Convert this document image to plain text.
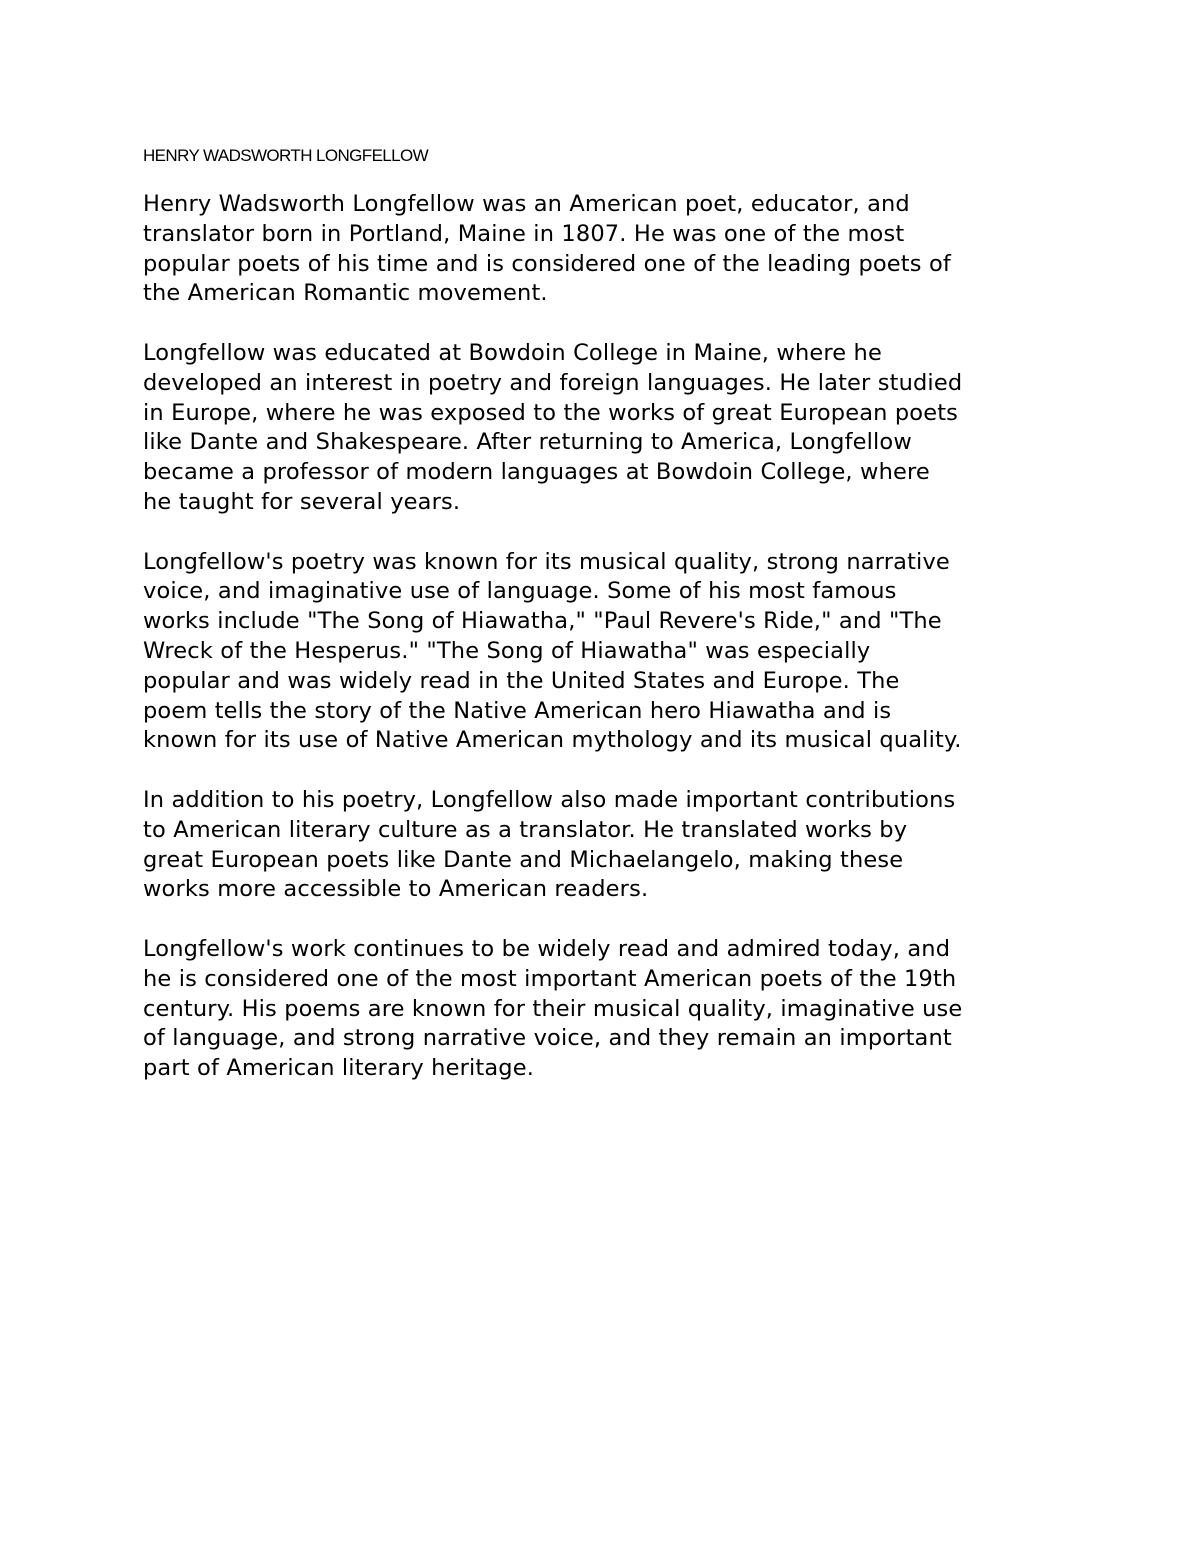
HENRY WADSWORTH LONGFELLOW

Henry Wadsworth Longfellow was an American poet, educator, and
translator born in Portland, Maine in 1807. He was one of the most
popular poets of his time and is considered one of the leading poets of
the American Romantic movement.

Longfellow was educated at Bowdoin College in Maine, where he
developed an interest in poetry and foreign languages. He later studied
in Europe, where he was exposed to the works of great European poets
like Dante and Shakespeare. After returning to America, Longfellow
became a professor of modern languages at Bowdoin College, where
he taught for several years.

Longfellow's poetry was known for its musical quality, strong narrative
voice, and imaginative use of language. Some of his most famous
works include "The Song of Hiawatha," "Paul Revere's Ride," and "The
Wreck of the Hesperus." "The Song of Hiawatha" was especially
popular and was widely read in the United States and Europe. The
poem tells the story of the Native American hero Hiawatha and is
known for its use of Native American mythology and its musical quality.

In addition to his poetry, Longfellow also made important contributions
to American literary culture as a translator. He translated works by
great European poets like Dante and Michaelangelo, making these
works more accessible to American readers.

Longfellow's work continues to be widely read and admired today, and
he is considered one of the most important American poets of the 19th
century. His poems are known for their musical quality, imaginative use
of language, and strong narrative voice, and they remain an important
part of American literary heritage.
